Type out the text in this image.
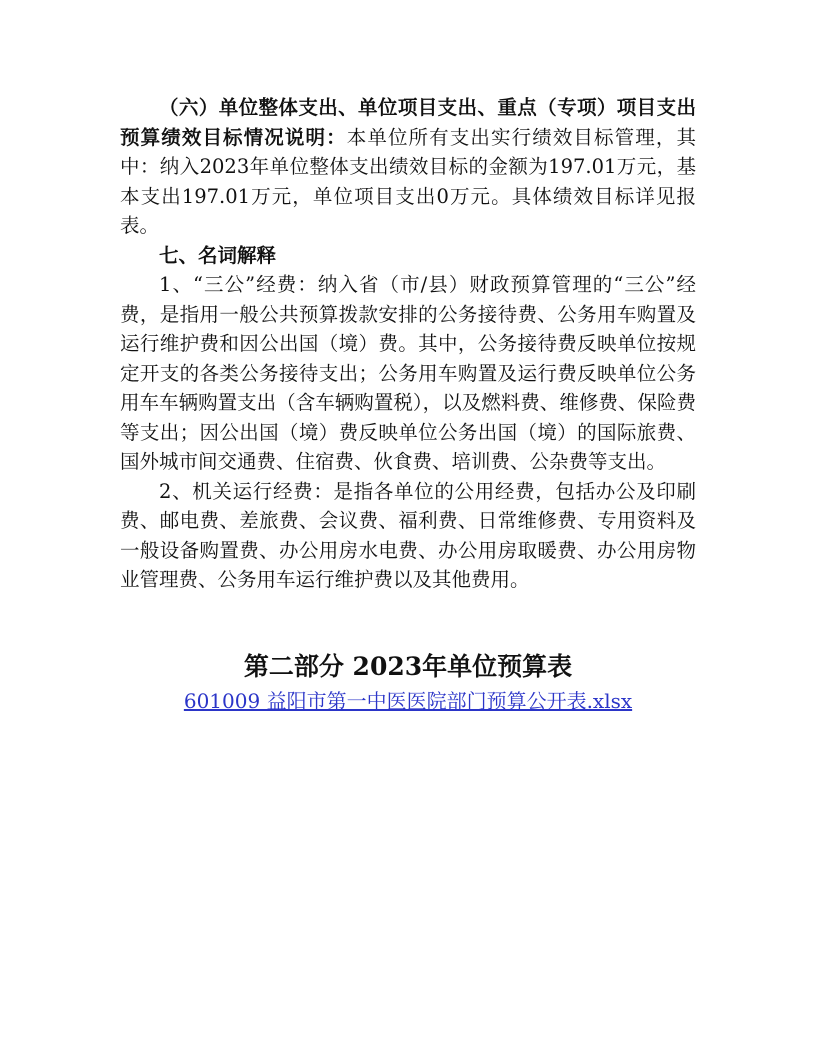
（六）单位整体支出、单位项目支出、重点（专项）项目支出预算绩效目标情况说明：本单位所有支出实行绩效目标管理，其中：纳入2023年单位整体支出绩效目标的金额为197.01万元，基本支出197.01万元，单位项目支出0万元。具体绩效目标详见报表。

七、名词解释

1、“三公”经费：纳入省（市/县）财政预算管理的“三公”经费，是指用一般公共预算拨款安排的公务接待费、公务用车购置及运行维护费和因公出国（境）费。其中，公务接待费反映单位按规定开支的各类公务接待支出；公务用车购置及运行费反映单位公务用车车辆购置支出（含车辆购置税），以及燃料费、维修费、保险费等支出；因公出国（境）费反映单位公务出国（境）的国际旅费、国外城市间交通费、住宿费、伙食费、培训费、公杂费等支出。

2、机关运行经费：是指各单位的公用经费，包括办公及印刷费、邮电费、差旅费、会议费、福利费、日常维修费、专用资料及一般设备购置费、办公用房水电费、办公用房取暖费、办公用房物业管理费、公务用车运行维护费以及其他费用。

第二部分 2023年单位预算表

601009 益阳市第一中医医院部门预算公开表.xlsx
